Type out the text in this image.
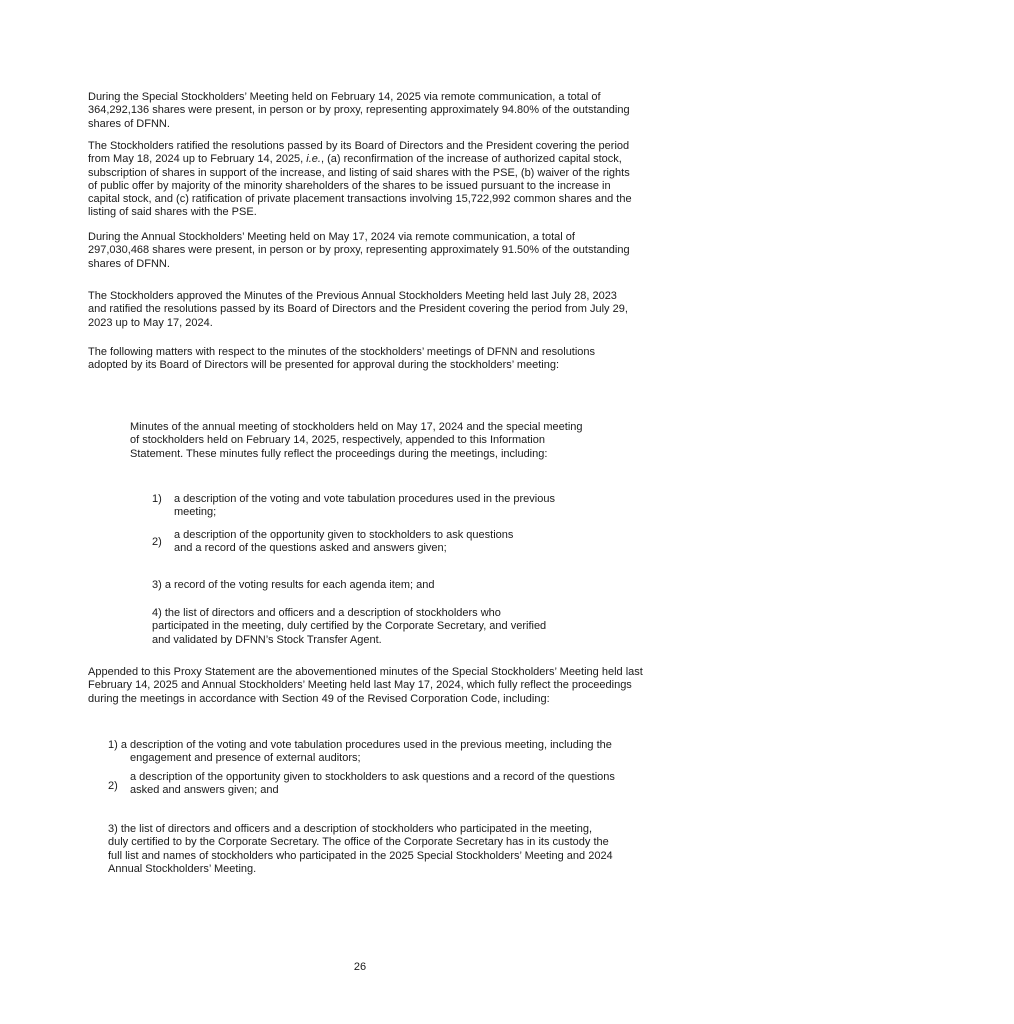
During the Special Stockholders’ Meeting held on February 14, 2025 via remote communication, a total of 364,292,136 shares were present, in person or by proxy, representing approximately 94.80% of the outstanding shares of DFNN.

The Stockholders ratified the resolutions passed by its Board of Directors and the President covering the period from May 18, 2024 up to February 14, 2025, i.e., (a) reconfirmation of the increase of authorized capital stock, subscription of shares in support of the increase, and listing of said shares with the PSE, (b) waiver of the rights of public offer by majority of the minority shareholders of the shares to be issued pursuant to the increase in capital stock, and (c) ratification of private placement transactions involving 15,722,992 common shares and the listing of said shares with the PSE.

During the Annual Stockholders’ Meeting held on May 17, 2024 via remote communication, a total of 297,030,468 shares were present, in person or by proxy, representing approximately 91.50% of the outstanding shares of DFNN.

The Stockholders approved the Minutes of the Previous Annual Stockholders Meeting held last July 28, 2023 and ratified the resolutions passed by its Board of Directors and the President covering the period from July 29, 2023 up to May 17, 2024.

The following matters with respect to the minutes of the stockholders’ meetings of DFNN and resolutions adopted by its Board of Directors will be presented for approval during the stockholders’ meeting:

Minutes of the annual meeting of stockholders held on May 17, 2024 and the special meeting of stockholders held on February 14, 2025, respectively, appended to this Information Statement. These minutes fully reflect the proceedings during the meetings, including:

1) a description of the voting and vote tabulation procedures used in the previous meeting;

2)

a description of the opportunity given to stockholders to ask questions and a record of the questions asked and answers given;

3) a record of the voting results for each agenda item; and

4) the list of directors and officers and a description of stockholders who participated in the meeting, duly certified by the Corporate Secretary, and verified and validated by DFNN’s Stock Transfer Agent.

Appended to this Proxy Statement are the abovementioned minutes of the Special Stockholders’ Meeting held last February 14, 2025 and Annual Stockholders’ Meeting held last May 17, 2024, which fully reflect the proceedings during the meetings in accordance with Section 49 of the Revised Corporation Code, including:

1) a description of the voting and vote tabulation procedures used in the previous meeting, including the engagement and presence of external auditors;

2)

a description of the opportunity given to stockholders to ask questions and a record of the questions asked and answers given; and

3) the list of directors and officers and a description of stockholders who participated in the meeting, duly certified to by the Corporate Secretary. The office of the Corporate Secretary has in its custody the full list and names of stockholders who participated in the 2025 Special Stockholders’ Meeting and 2024 Annual Stockholders’ Meeting.

26
